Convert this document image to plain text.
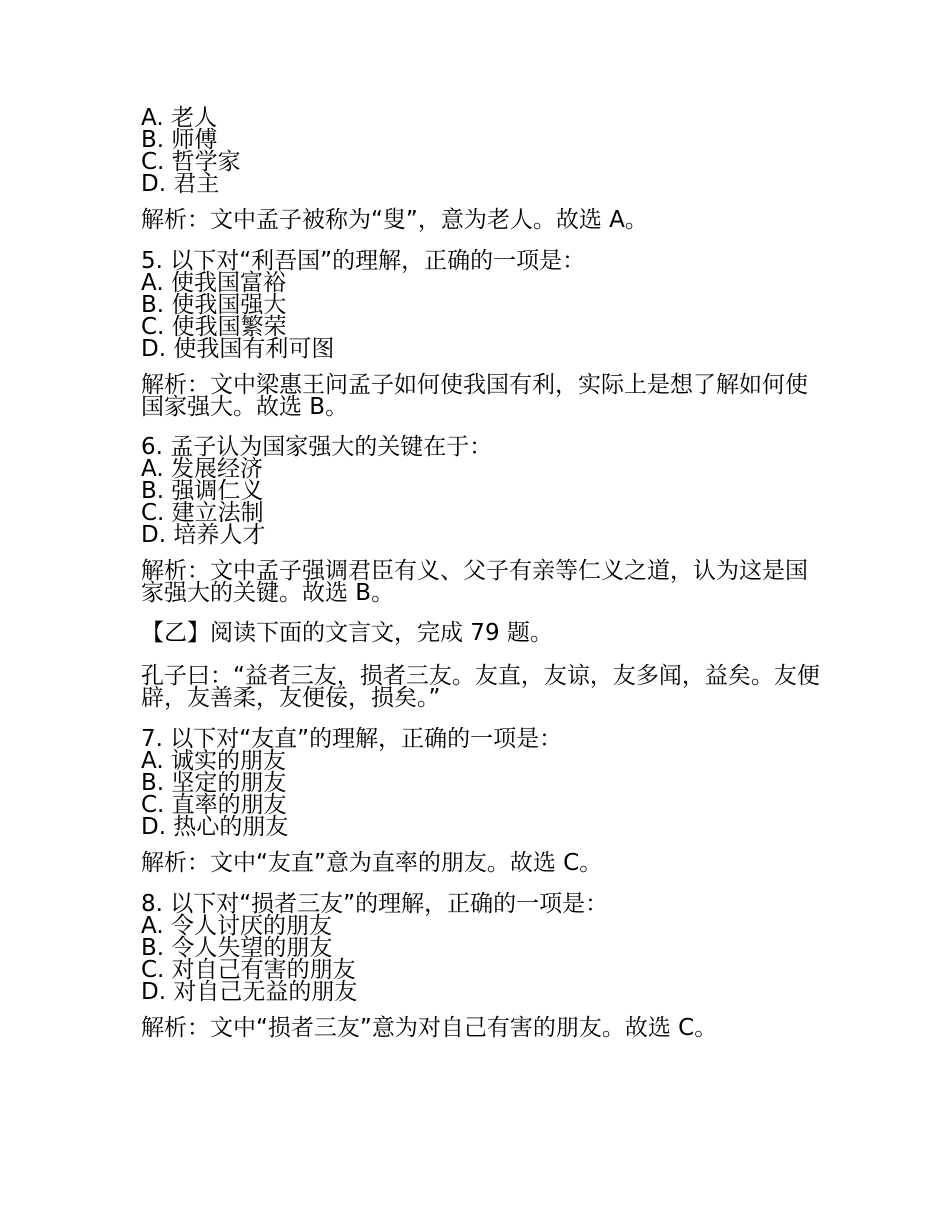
A. 老人
B. 师傅
C. 哲学家
D. 君主
解析：文中孟子被称为“叟”，意为老人。故选 A。
5. 以下对“利吾国”的理解，正确的一项是：
A. 使我国富裕
B. 使我国强大
C. 使我国繁荣
D. 使我国有利可图
解析：文中梁惠王问孟子如何使我国有利，实际上是想了解如何使国家强大。故选 B。
6. 孟子认为国家强大的关键在于：
A. 发展经济
B. 强调仁义
C. 建立法制
D. 培养人才
解析：文中孟子强调君臣有义、父子有亲等仁义之道，认为这是国家强大的关键。故选 B。
【乙】阅读下面的文言文，完成 79 题。
孔子曰：“益者三友，损者三友。友直，友谅，友多闻，益矣。友便辟，友善柔，友便佞，损矣。”
7. 以下对“友直”的理解，正确的一项是：
A. 诚实的朋友
B. 坚定的朋友
C. 直率的朋友
D. 热心的朋友
解析：文中“友直”意为直率的朋友。故选 C。
8. 以下对“损者三友”的理解，正确的一项是：
A. 令人讨厌的朋友
B. 令人失望的朋友
C. 对自己有害的朋友
D. 对自己无益的朋友
解析：文中“损者三友”意为对自己有害的朋友。故选 C。
